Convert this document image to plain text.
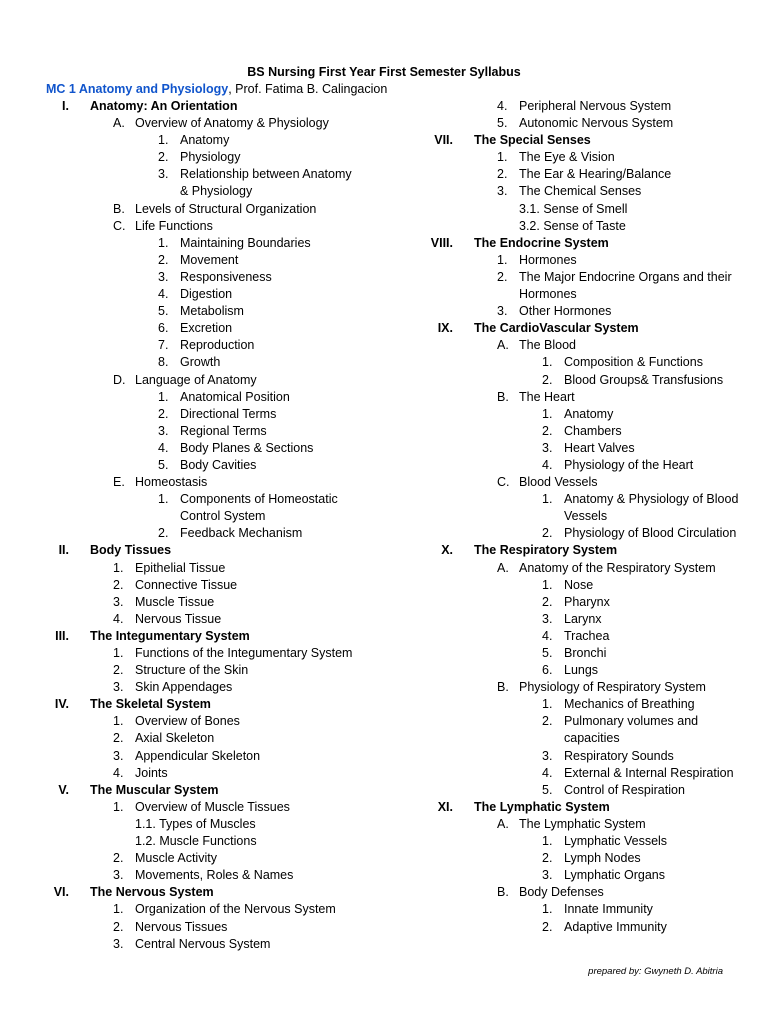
BS Nursing First Year First Semester Syllabus
MC 1 Anatomy and Physiology, Prof. Fatima B. Calingacion
I. Anatomy: An Orientation
A. Overview of Anatomy & Physiology
1. Anatomy
2. Physiology
3. Relationship between Anatomy
& Physiology
B. Levels of Structural Organization
C. Life Functions
1. Maintaining Boundaries
2. Movement
3. Responsiveness
4. Digestion
5. Metabolism
6. Excretion
7. Reproduction
8. Growth
D. Language of Anatomy
1. Anatomical Position
2. Directional Terms
3. Regional Terms
4. Body Planes & Sections
5. Body Cavities
E. Homeostasis
1. Components of Homeostatic
Control System
2. Feedback Mechanism
II. Body Tissues
1. Epithelial Tissue
2. Connective Tissue
3. Muscle Tissue
4. Nervous Tissue
III. The Integumentary System
1. Functions of the Integumentary System
2. Structure of the Skin
3. Skin Appendages
IV. The Skeletal System
1. Overview of Bones
2. Axial Skeleton
3. Appendicular Skeleton
4. Joints
V. The Muscular System
1. Overview of Muscle Tissues
1.1. Types of Muscles
1.2. Muscle Functions
2. Muscle Activity
3. Movements, Roles & Names
VI. The Nervous System
1. Organization of the Nervous System
2. Nervous Tissues
3. Central Nervous System
4. Peripheral Nervous System
5. Autonomic Nervous System
VII. The Special Senses
1. The Eye & Vision
2. The Ear & Hearing/Balance
3. The Chemical Senses
3.1. Sense of Smell
3.2. Sense of Taste
VIII. The Endocrine System
1. Hormones
2. The Major Endocrine Organs and their
Hormones
3. Other Hormones
IX. The CardioVascular System
A. The Blood
1. Composition & Functions
2. Blood Groups& Transfusions
B. The Heart
1. Anatomy
2. Chambers
3. Heart Valves
4. Physiology of the Heart
C. Blood Vessels
1. Anatomy & Physiology of Blood
Vessels
2. Physiology of Blood Circulation
X. The Respiratory System
A. Anatomy of the Respiratory System
1. Nose
2. Pharynx
3. Larynx
4. Trachea
5. Bronchi
6. Lungs
B. Physiology of Respiratory System
1. Mechanics of Breathing
2. Pulmonary volumes and
capacities
3. Respiratory Sounds
4. External & Internal Respiration
5. Control of Respiration
XI. The Lymphatic System
A. The Lymphatic System
1. Lymphatic Vessels
2. Lymph Nodes
3. Lymphatic Organs
B. Body Defenses
1. Innate Immunity
2. Adaptive Immunity
prepared by: Gwyneth D. Abitria
